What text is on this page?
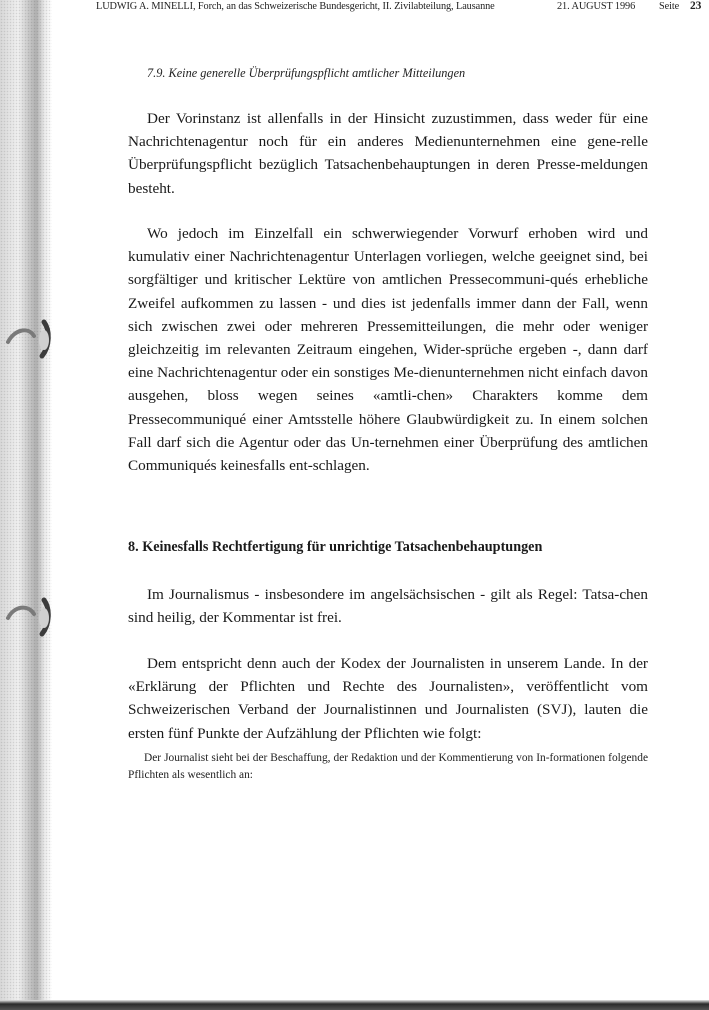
LUDWIG A. MINELLI, Forch, an das Schweizerische Bundesgericht, II. Zivilabteilung, Lausanne	21. AUGUST 1996 Seite 23
7.9. Keine generelle Überprüfungspflicht amtlicher Mitteilungen

Der Vorinstanz ist allenfalls in der Hinsicht zuzustimmen, dass weder für eine Nachrichtenagentur noch für ein anderes Medienunternehmen eine gene-relle Überprüfungspflicht bezüglich Tatsachenbehauptungen in deren Presse-meldungen besteht.

Wo jedoch im Einzelfall ein schwerwiegender Vorwurf erhoben wird und kumulativ einer Nachrichtenagentur Unterlagen vorliegen, welche geeignet sind, bei sorgfältiger und kritischer Lektüre von amtlichen Pressecommuni-qués erhebliche Zweifel aufkommen zu lassen - und dies ist jedenfalls immer dann der Fall, wenn sich zwischen zwei oder mehreren Pressemitteilungen, die mehr oder weniger gleichzeitig im relevanten Zeitraum eingehen, Wider-sprüche ergeben -, dann darf eine Nachrichtenagentur oder ein sonstiges Me-dienunternehmen nicht einfach davon ausgehen, bloss wegen seines «amtli-chen» Charakters komme dem Pressecommuniqué einer Amtsstelle höhere Glaubwürdigkeit zu. In einem solchen Fall darf sich die Agentur oder das Un-ternehmen einer Überprüfung des amtlichen Communiqués keinesfalls ent-schlagen.

8. Keinesfalls Rechtfertigung für unrichtige Tatsachenbehauptungen

Im Journalismus - insbesondere im angelsächsischen - gilt als Regel: Tatsa-chen sind heilig, der Kommentar ist frei.

Dem entspricht denn auch der Kodex der Journalisten in unserem Lande. In der «Erklärung der Pflichten und Rechte des Journalisten», veröffentlicht vom Schweizerischen Verband der Journalistinnen und Journalisten (SVJ), lauten die ersten fünf Punkte der Aufzählung der Pflichten wie folgt:

Der Journalist sieht bei der Beschaffung, der Redaktion und der Kommentierung von In-formationen folgende Pflichten als wesentlich an:
